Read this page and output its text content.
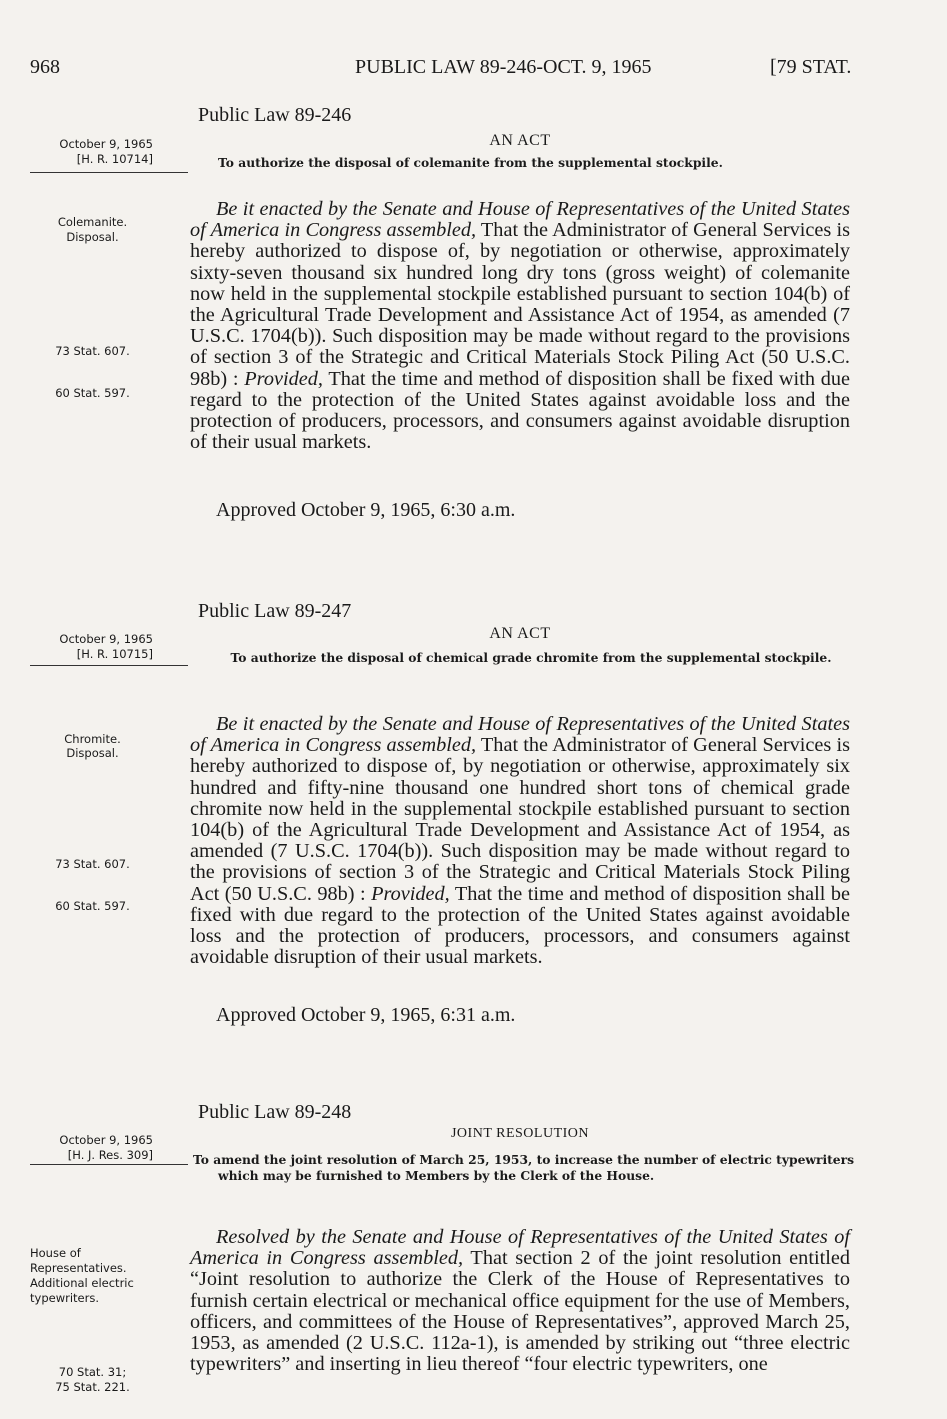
968	PUBLIC LAW 89-246-OCT. 9, 1965	[79 STAT.
Public Law 89-246
October 9, 1965
[H. R. 10714]
AN ACT
To authorize the disposal of colemanite from the supplemental stockpile.
Colemanite.
Disposal.
73 Stat. 607.
60 Stat. 597.

Be it enacted by the Senate and House of Representatives of the United States of America in Congress assembled, That the Administrator of General Services is hereby authorized to dispose of, by negotiation or otherwise, approximately sixty-seven thousand six hundred long dry tons (gross weight) of colemanite now held in the supplemental stockpile established pursuant to section 104(b) of the Agricultural Trade Development and Assistance Act of 1954, as amended (7 U.S.C. 1704(b)). Such disposition may be made without regard to the provisions of section 3 of the Strategic and Critical Materials Stock Piling Act (50 U.S.C. 98b) : Provided, That the time and method of disposition shall be fixed with due regard to the protection of the United States against avoidable loss and the protection of producers, processors, and consumers against avoidable disruption of their usual markets.

Approved October 9, 1965, 6:30 a.m.
Public Law 89-247
October 9, 1965
[H. R. 10715]
AN ACT
To authorize the disposal of chemical grade chromite from the supplemental stockpile.
Chromite.
Disposal.
73 Stat. 607.
60 Stat. 597.

Be it enacted by the Senate and House of Representatives of the United States of America in Congress assembled, That the Administrator of General Services is hereby authorized to dispose of, by negotiation or otherwise, approximately six hundred and fifty-nine thousand one hundred short tons of chemical grade chromite now held in the supplemental stockpile established pursuant to section 104(b) of the Agricultural Trade Development and Assistance Act of 1954, as amended (7 U.S.C. 1704(b)). Such disposition may be made without regard to the provisions of section 3 of the Strategic and Critical Materials Stock Piling Act (50 U.S.C. 98b) : Provided, That the time and method of disposition shall be fixed with due regard to the protection of the United States against avoidable loss and the protection of producers, processors, and consumers against avoidable disruption of their usual markets.

Approved October 9, 1965, 6:31 a.m.
Public Law 89-248
October 9, 1965
[H. J. Res. 309]
JOINT RESOLUTION
To amend the joint resolution of March 25, 1953, to increase the number of electric typewriters which may be furnished to Members by the Clerk of the House.
House of Representatives.
Additional electric typewriters.
70 Stat. 31;
75 Stat. 221.

Resolved by the Senate and House of Representatives of the United States of America in Congress assembled, That section 2 of the joint resolution entitled “Joint resolution to authorize the Clerk of the House of Representatives to furnish certain electrical or mechanical office equipment for the use of Members, officers, and committees of the House of Representatives”, approved March 25, 1953, as amended (2 U.S.C. 112a-1), is amended by striking out “three electric typewriters” and inserting in lieu thereof “four electric typewriters, one
